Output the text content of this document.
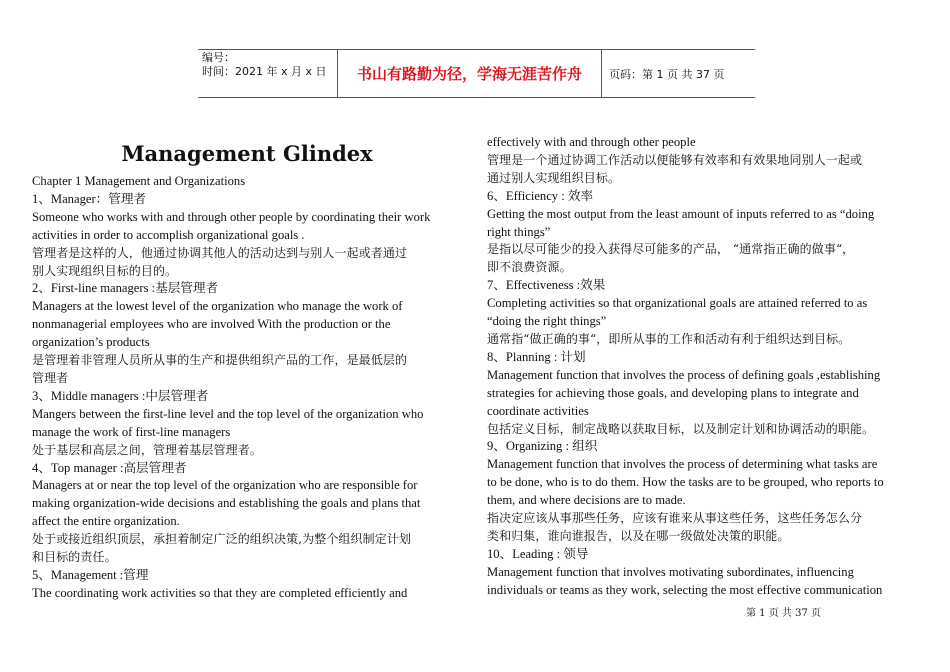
编号：
时间：2021 年 x 月 x 日	书山有路勤为径，学海无涯苦作舟	页码：第 1 页 共 37 页
Management Glindex

Chapter 1 Management and Organizations

1、Manager：管理者

Someone who works with and through other people by coordinating their work

activities in order to accomplish organizational goals .

管理者是这样的人，他通过协调其他人的活动达到与别人一起或者通过

别人实现组织目标的目的。

2、First-line managers :基层管理者

Managers at the lowest level of the organization who manage the work of

nonmanagerial employees who are involved With the production or the

organization’s products

是管理着非管理人员所从事的生产和提供组织产品的工作，是最低层的

管理者

3、Middle managers :中层管理者

Mangers between the first-line level and the top level of the organization who

manage the work of first-line managers

处于基层和高层之间，管理着基层管理者。

4、Top manager :高层管理者

Managers at or near the top level of the organization who are responsible for

making organization-wide decisions and establishing the goals and plans that

affect the entire organization.

处于或接近组织顶层，承担着制定广泛的组织决策,为整个组织制定计划

和目标的责任。

5、Management :管理

The coordinating work activities so that they are completed efficiently and

effectively with and through other people

管理是一个通过协调工作活动以便能够有效率和有效果地同别人一起或

通过别人实现组织目标。

6、Efficiency : 效率

Getting the most output from the least amount of inputs referred to as “doing

right things”

是指以尽可能少的投入获得尽可能多的产品， “通常指正确的做事“，

即不浪费资源。

7、Effectiveness :效果

Completing activities so that organizational goals are attained referred to as

“doing the right things”

通常指“做正确的事“，即所从事的工作和活动有利于组织达到目标。

8、Planning : 计划

Management function that involves the process of defining goals ,establishing

strategies for achieving those goals, and developing plans to integrate and

coordinate activities

包括定义目标，制定战略以获取目标，以及制定计划和协调活动的职能。

9、Organizing : 组织

Management function that involves the process of determining what tasks are

to be done, who is to do them. How the tasks are to be grouped, who reports to

them, and where decisions are to made.

指决定应该从事那些任务，应该有谁来从事这些任务，这些任务怎么分

类和归集，谁向谁报告，以及在哪一级做处决策的职能。

10、Leading : 领导

Management function that involves motivating subordinates, influencing

individuals or teams as they work, selecting the most effective communication

第 1 页 共 37 页
